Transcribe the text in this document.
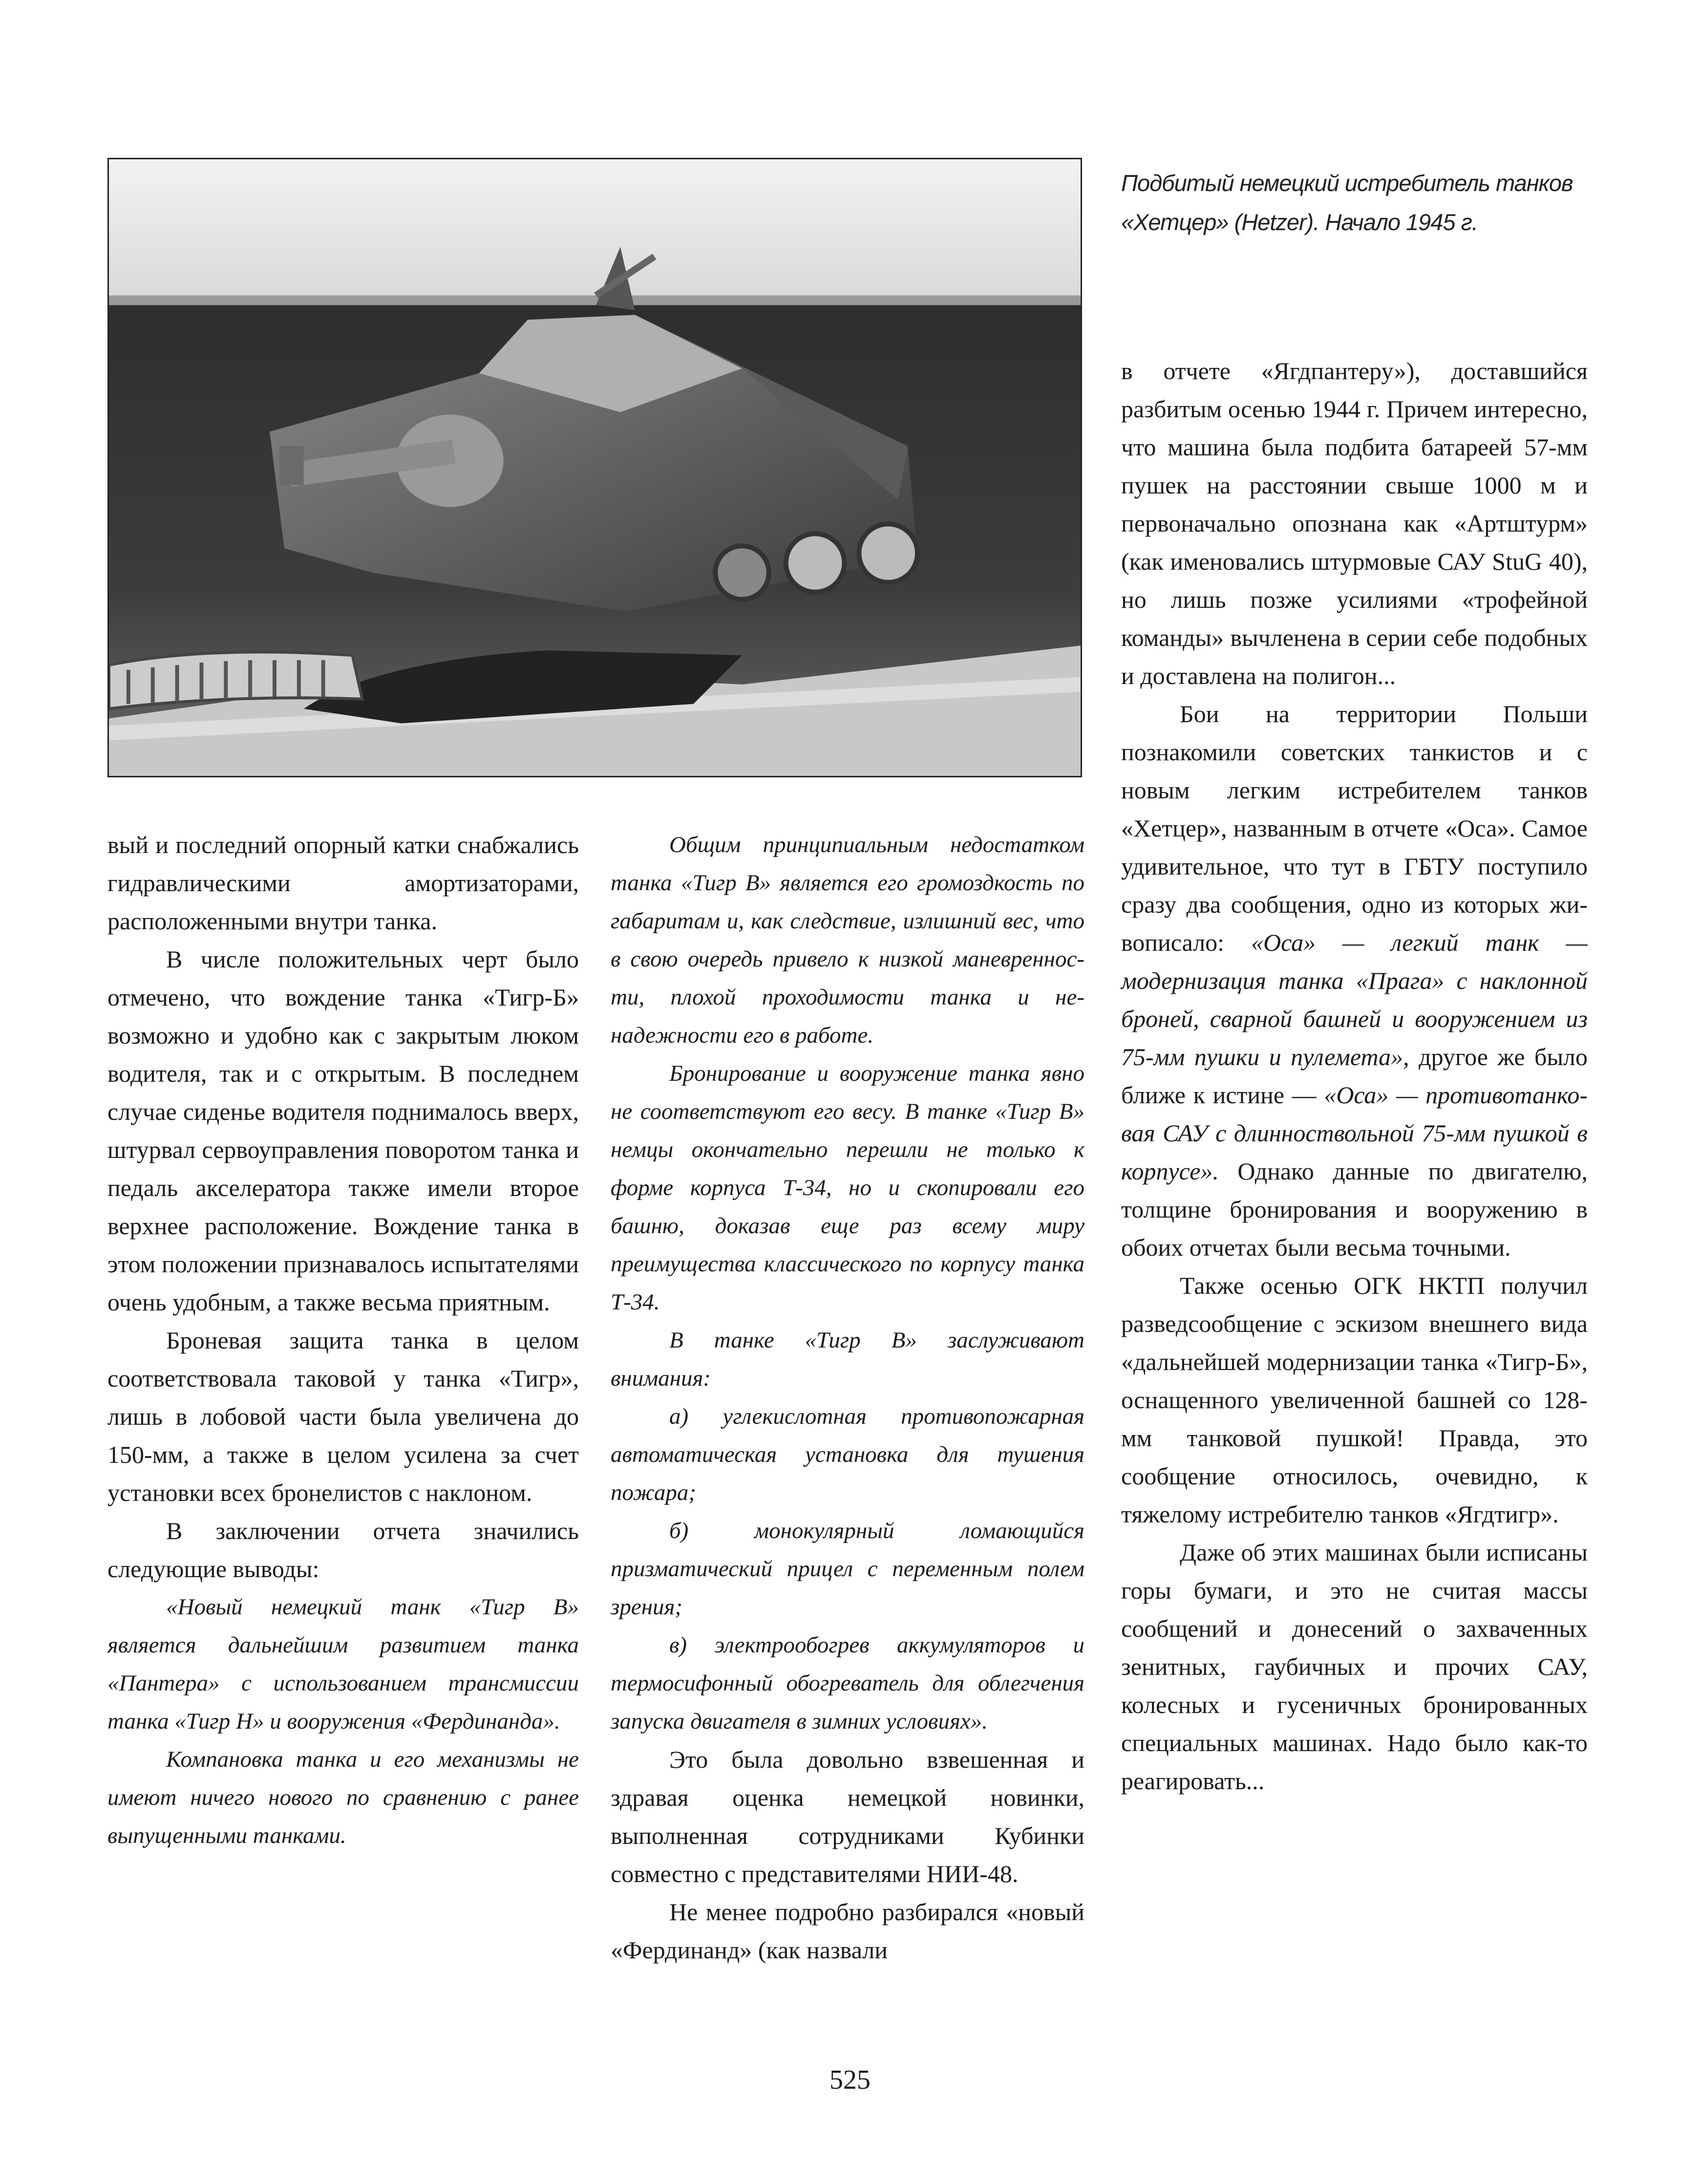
Подбитый немецкий истребитель танков
«Хетцер» (Hetzer). Начало 1945 г.

вый и последний опорный катки снабжались гидравлическими амортизаторами, расположенными внутри танка.

В числе положительных черт было отмечено, что вождение танка «Тигр-Б» возможно и удобно как с закрытым люком водителя, так и с открытым. В последнем случае сиденье водителя поднималось вверх, штурвал сервоуправления поворотом танка и педаль акселератора также имели второе верхнее расположение. Вождение танка в этом положении признавалось испытателями очень удобным, а также весьма приятным.

Броневая защита танка в целом соответствовала таковой у танка «Тигр», лишь в лобовой части была увеличена до 150-мм, а также в целом усилена за счет установки всех бронелистов с наклоном.

В заключении отчета значились следующие выводы:

«Новый немецкий танк «Тигр В» является дальнейшим развитием танка «Пантера» с использованием трансмиссии танка «Тигр Н» и вoоружения «Фердинанда».

Компановка танка и его механизмы не имеют ничего нового по сравнению с ранее выпущенными танками.

Общим принципиальным недостатком танка «Тигр В» является его громоздкость по габаритам и, как следствие, излишний вес, что в свою очередь привело к низкой маневренности, плохой проходимости танка и ненадежности его в работе.

Бронирование и вооружение танка явно не соответствуют его весу. В танке «Тигр В» немцы окончательно перешли не только к форме корпуса Т-34, но и скопировали его башню, доказав еще раз всему миру преимущества классического по корпусу танка Т-34.

В танке «Тигр В» заслуживают внимания:

а) углекислотная противопожарная автоматическая установка для тушения пожара;

б) монокулярный ломающийся призматический прицел с переменным полем зрения;

в) электрообогрев аккумуляторов и термосифонный обогреватель для облегчения запуска двигателя в зимних условиях».

Это была довольно взвешенная и здравая оценка немецкой новинки, выполненная сотрудниками Кубинки совместно с представителями НИИ-48.

Не менее подробно разбирался «новый «Фердинанд» (как назвали

в отчете «Ягдпантеру»), доставшийся разбитым осенью 1944 г. Причем интересно, что машина была подбита батареей 57-мм пушек на расстоянии свыше 1000 м и первоначально опознана как «Артштурм» (как именовались штурмовые САУ StuG 40), но лишь позже усилиями «трофейной команды» вычленена в серии себе подобных и доставлена на полигон...

Бои на территории Польши познакомили советских танкистов и с новым легким истребителем танков «Хетцер», названным в отчете «Оса». Самое удивительное, что тут в ГБТУ поступило сразу два сообщения, одно из которых живописало: «Оса» — легкий танк — модернизация танка «Прага» с наклонной броней, сварной башней и вооружением из 75-мм пушки и пулемета», другое же было ближе к истине — «Оса» — противотанковая САУ с длинноствольной 75-мм пушкой в корпусе». Однако данные по двигателю, толщине бронирования и вооружению в обоих отчетах были весьма точными.

Также осенью ОГК НКТП получил разведсообщение с эскизом внешнего вида «дальнейшей модернизации танка «Тигр-Б», оснащенного увеличенной башней со 128-мм танковой пушкой! Правда, это сообщение относилось, очевидно, к тяжелому истребителю танков «Ягдтигр».

Даже об этих машинах были исписаны горы бумаги, и это не считая массы сообщений и донесений о захваченных зенитных, гаубичных и прочих САУ, колесных и гусеничных бронированных специальных машинах. Надо было как-то реагировать...

525
